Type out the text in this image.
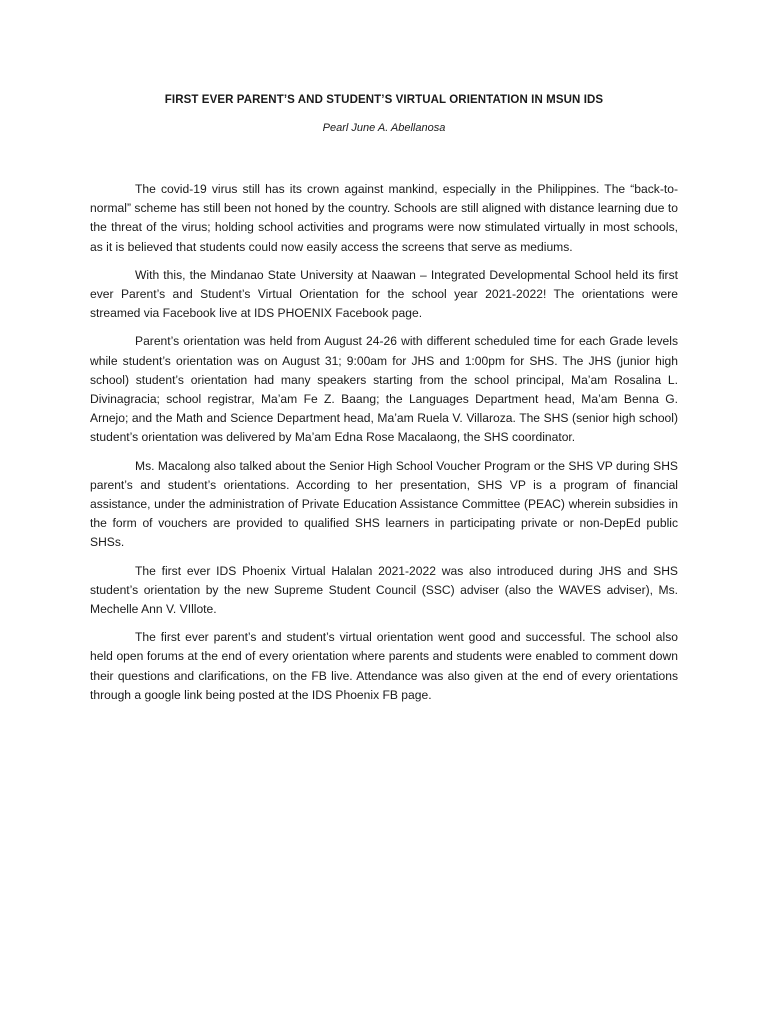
FIRST EVER PARENT’S AND STUDENT’S VIRTUAL ORIENTATION IN MSUN IDS

Pearl June A. Abellanosa

The covid-19 virus still has its crown against mankind, especially in the Philippines. The “back-to-normal” scheme has still been not honed by the country. Schools are still aligned with distance learning due to the threat of the virus; holding school activities and programs were now stimulated virtually in most schools, as it is believed that students could now easily access the screens that serve as mediums.

With this, the Mindanao State University at Naawan – Integrated Developmental School held its first ever Parent’s and Student’s Virtual Orientation for the school year 2021-2022! The orientations were streamed via Facebook live at IDS PHOENIX Facebook page.

Parent’s orientation was held from August 24-26 with different scheduled time for each Grade levels while student’s orientation was on August 31; 9:00am for JHS and 1:00pm for SHS. The JHS (junior high school) student’s orientation had many speakers starting from the school principal, Ma’am Rosalina L. Divinagracia; school registrar, Ma’am Fe Z. Baang; the Languages Department head, Ma’am Benna G. Arnejo; and the Math and Science Department head, Ma’am Ruela V. Villaroza. The SHS (senior high school) student’s orientation was delivered by Ma’am Edna Rose Macalaong, the SHS coordinator.

Ms. Macalong also talked about the Senior High School Voucher Program or the SHS VP during SHS parent’s and student’s orientations. According to her presentation, SHS VP is a program of financial assistance, under the administration of Private Education Assistance Committee (PEAC) wherein subsidies in the form of vouchers are provided to qualified SHS learners in participating private or non-DepEd public SHSs.

The first ever IDS Phoenix Virtual Halalan 2021-2022 was also introduced during JHS and SHS student’s orientation by the new Supreme Student Council (SSC) adviser (also the WAVES adviser), Ms. Mechelle Ann V. VIllote.

The first ever parent’s and student’s virtual orientation went good and successful. The school also held open forums at the end of every orientation where parents and students were enabled to comment down their questions and clarifications, on the FB live. Attendance was also given at the end of every orientations through a google link being posted at the IDS Phoenix FB page.
